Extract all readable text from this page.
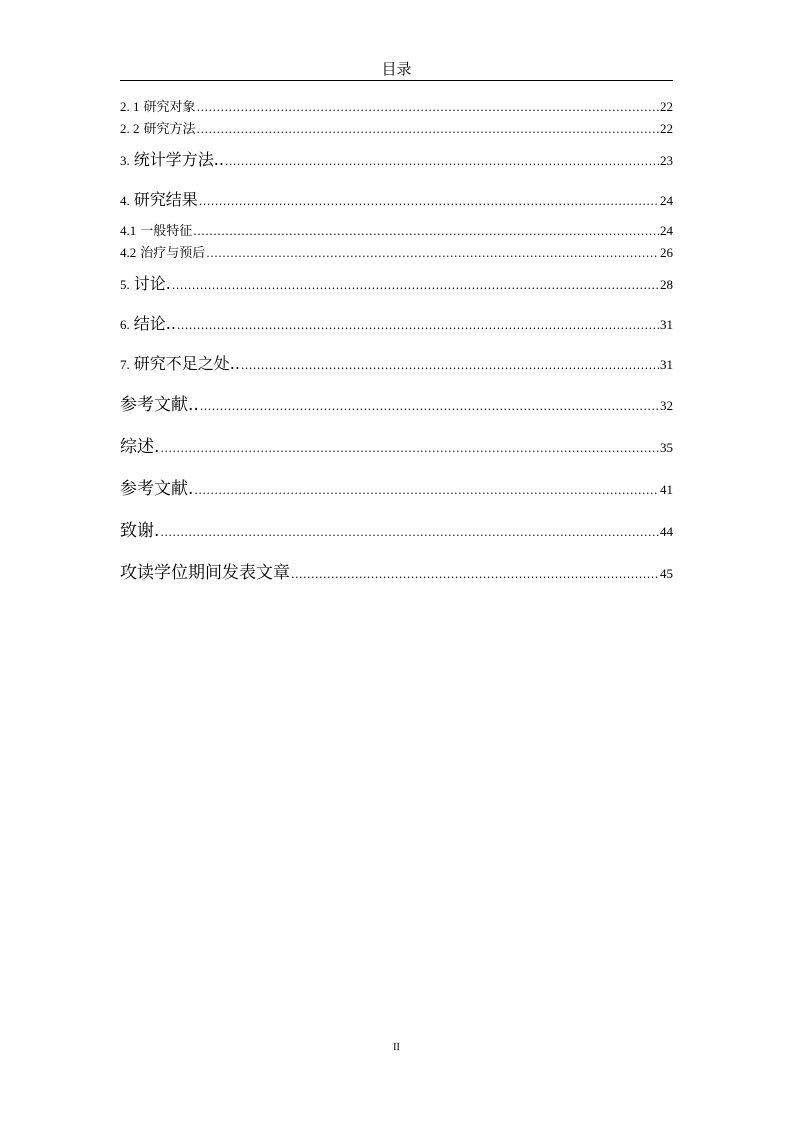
目录
2. 1 研究对象 .....	22
2. 2 研究方法 .....	22
3. 统计学方法.. .....	23
4. 研究结果 .....	24
4.1 一般特征 .....	24
4.2 治疗与预后 .....	26
5. 讨论. .....	28
6. 结论.. .....	31
7. 研究不足之处.. .....	31
参考文献.. .....	32
综述. .....	35
参考文献. .....	41
致谢. .....	44
攻读学位期间发表文章 .....	45
II
